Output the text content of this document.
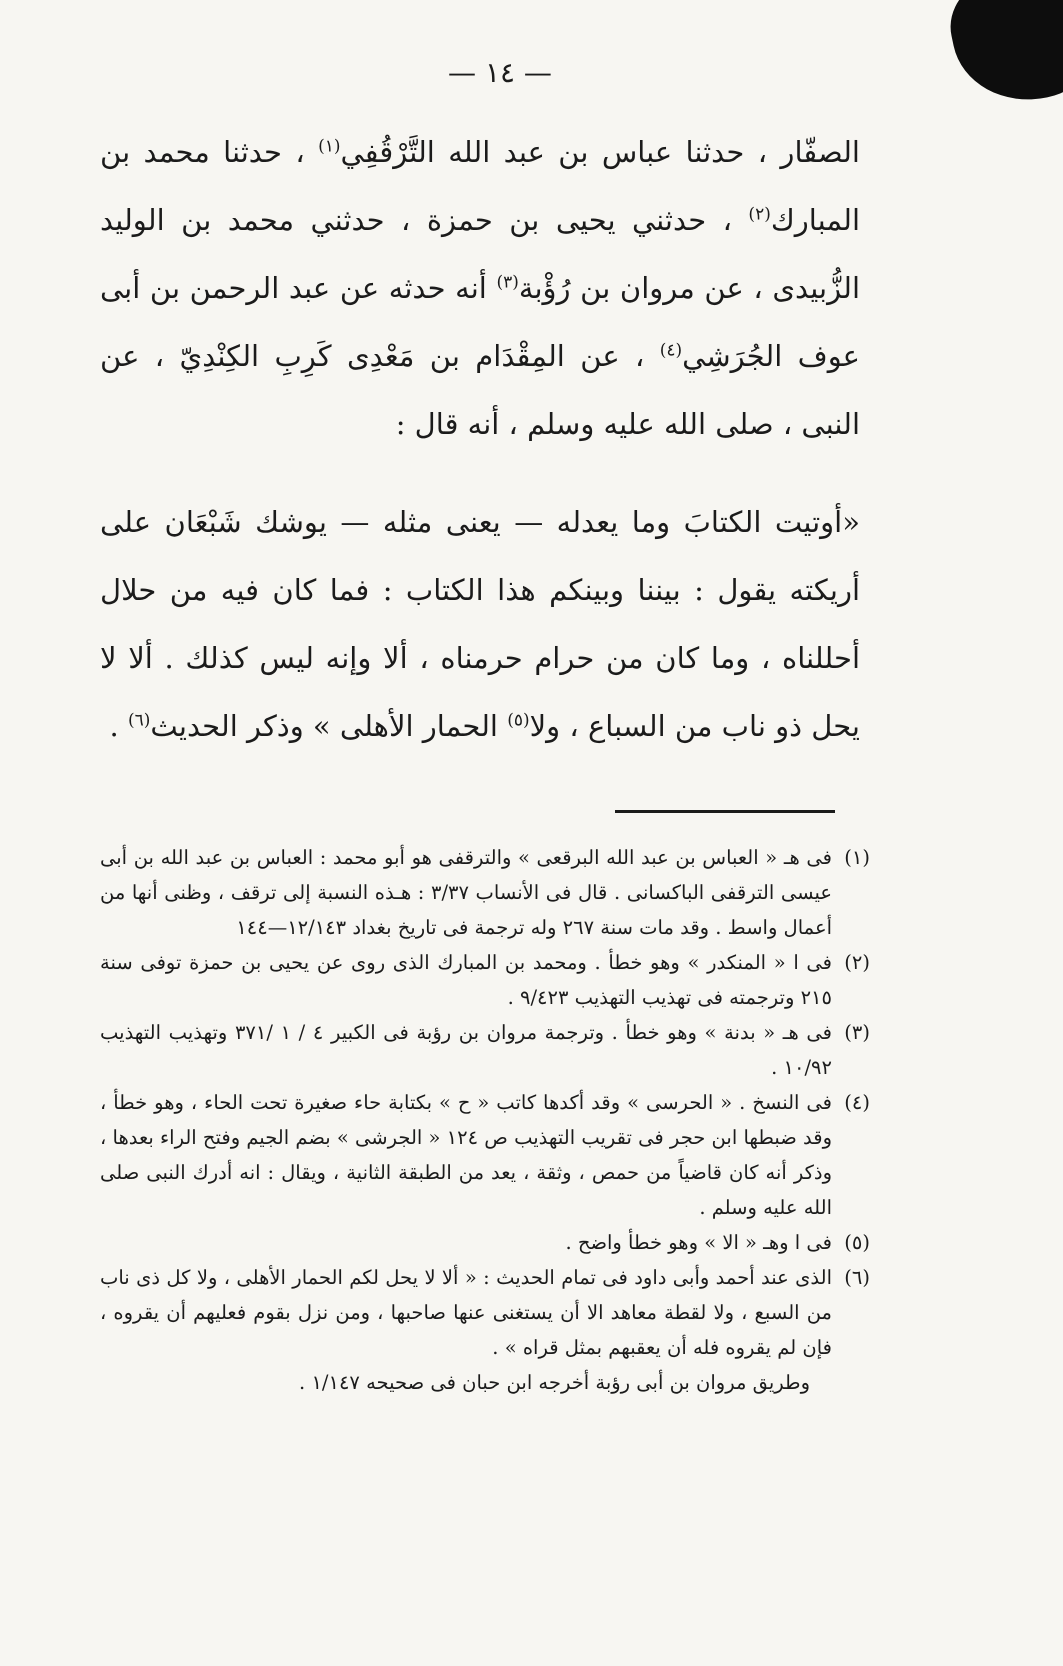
— ١٤ —

الصفّار ، حدثنا عباس بن عبد الله التَّرْقُفِي$^{(١)}$ ، حدثنا محمد بن المبارك$^{(٢)}$ ، حدثني يحيى بن حمزة ، حدثني محمد بن الوليد الزُّبيدى ، عن مروان بن رُؤْبة$^{(٣)}$ أنه حدثه عن عبد الرحمن بن أبى عوف الجُرَشِي$^{(٤)}$ ، عن المِقْدَام بن مَعْدِى كَرِبِ الكِنْدِيّ ، عن النبى ، صلى الله عليه وسلم ، أنه قال :

«أوتيت الكتابَ وما يعدله — يعنى مثله — يوشك شَبْعَان على أريكته يقول : بيننا وبينكم هذا الكتاب : فما كان فيه من حلال أحللناه ، وما كان من حرام حرمناه ، ألا وإنه ليس كذلك . ألا لا يحل ذو ناب من السباع ، ولا$^{(٥)}$ الحمار الأهلى » وذكر الحديث$^{(٦)}$ .

(١)
فى هـ « العباس بن عبد الله البرقعى » والترقفى هو أبو محمد : العباس بن عبد الله بن أبى عيسى الترقفى الباكسانى . قال فى الأنساب ٣/٣٧ : هـذه النسبة إلى ترقف ، وظنى أنها من أعمال واسط . وقد مات سنة ٢٦٧ وله ترجمة فى تاريخ بغداد ١٢/١٤٣—١٤٤

(٢)
فى ا « المنكدر » وهو خطأ . ومحمد بن المبارك الذى روى عن يحيى بن حمزة توفى سنة ٢١٥ وترجمته فى تهذيب التهذيب ٩/٤٢٣ .

(٣)
فى هـ « بدنة » وهو خطأ . وترجمة مروان بن رؤبة فى الكبير ٤ / ١ /٣٧١ وتهذيب التهذيب ١٠/٩٢ .

(٤)
فى النسخ . « الحرسى » وقد أكدها كاتب « ح » بكتابة حاء صغيرة تحت الحاء ، وهو خطأ ، وقد ضبطها ابن حجر فى تقريب التهذيب ص ١٢٤ « الجرشى » بضم الجيم وفتح الراء بعدها ، وذكر أنه كان قاضياً من حمص ، وثقة ، يعد من الطبقة الثانية ، ويقال : انه أدرك النبى صلى الله عليه وسلم .

(٥)
فى ا وهـ « الا » وهو خطأ واضح .

(٦)
الذى عند أحمد وأبى داود فى تمام الحديث : « ألا لا يحل لكم الحمار الأهلى ، ولا كل ذى ناب من السبع ، ولا لقطة معاهد الا أن يستغنى عنها صاحبها ، ومن نزل بقوم فعليهم أن يقروه ، فإن لم يقروه فله أن يعقبهم بمثل قراه » .

وطريق مروان بن أبى رؤبة أخرجه ابن حبان فى صحيحه ١/١٤٧ .
